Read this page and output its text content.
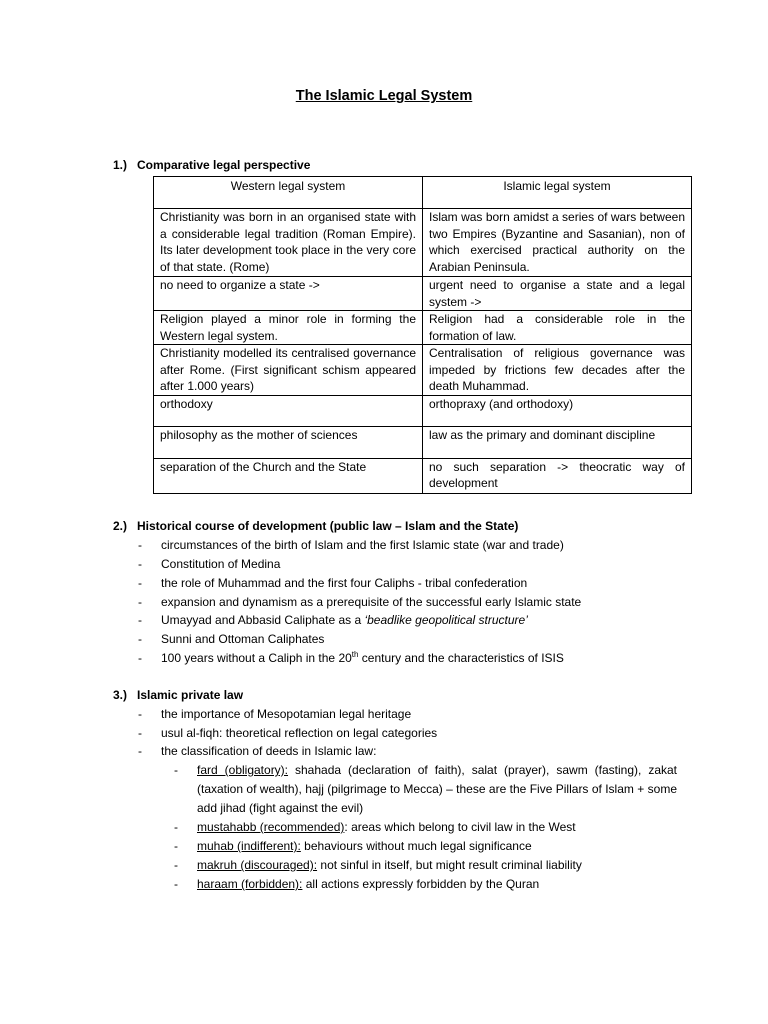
The Islamic Legal System
1.) Comparative legal perspective
Western legal system	Islamic legal system
Christianity was born in an organised state with a considerable legal tradition (Roman Empire). Its later development took place in the very core of that state. (Rome)	Islam was born amidst a series of wars between two Empires (Byzantine and Sasanian), non of which exercised practical authority on the Arabian Peninsula.
no need to organize a state ->	urgent need to organise a state and a legal system ->
Religion played a minor role in forming the Western legal system.	Religion had a considerable role in the formation of law.
Christianity modelled its centralised governance after Rome. (First significant schism appeared after 1.000 years)	Centralisation of religious governance was impeded by frictions few decades after the death Muhammad.
orthodoxy	orthopraxy (and orthodoxy)
philosophy as the mother of sciences	law as the primary and dominant discipline
separation of the Church and the State	no such separation -> theocratic way of development
2.) Historical course of development (public law – Islam and the State)
- circumstances of the birth of Islam and the first Islamic state (war and trade)
- Constitution of Medina
- the role of Muhammad and the first four Caliphs - tribal confederation
- expansion and dynamism as a prerequisite of the successful early Islamic state
- Umayyad and Abbasid Caliphate as a ‘beadlike geopolitical structure’
- Sunni and Ottoman Caliphates
- 100 years without a Caliph in the 20th century and the characteristics of ISIS
3.) Islamic private law
- the importance of Mesopotamian legal heritage
- usul al-fiqh: theoretical reflection on legal categories
- the classification of deeds in Islamic law:
- fard (obligatory): shahada (declaration of faith), salat (prayer), sawm (fasting), zakat (taxation of wealth), hajj (pilgrimage to Mecca) – these are the Five Pillars of Islam + some add jihad (fight against the evil)
- mustahabb (recommended): areas which belong to civil law in the West
- muhab (indifferent): behaviours without much legal significance
- makruh (discouraged): not sinful in itself, but might result criminal liability
- haraam (forbidden): all actions expressly forbidden by the Quran
